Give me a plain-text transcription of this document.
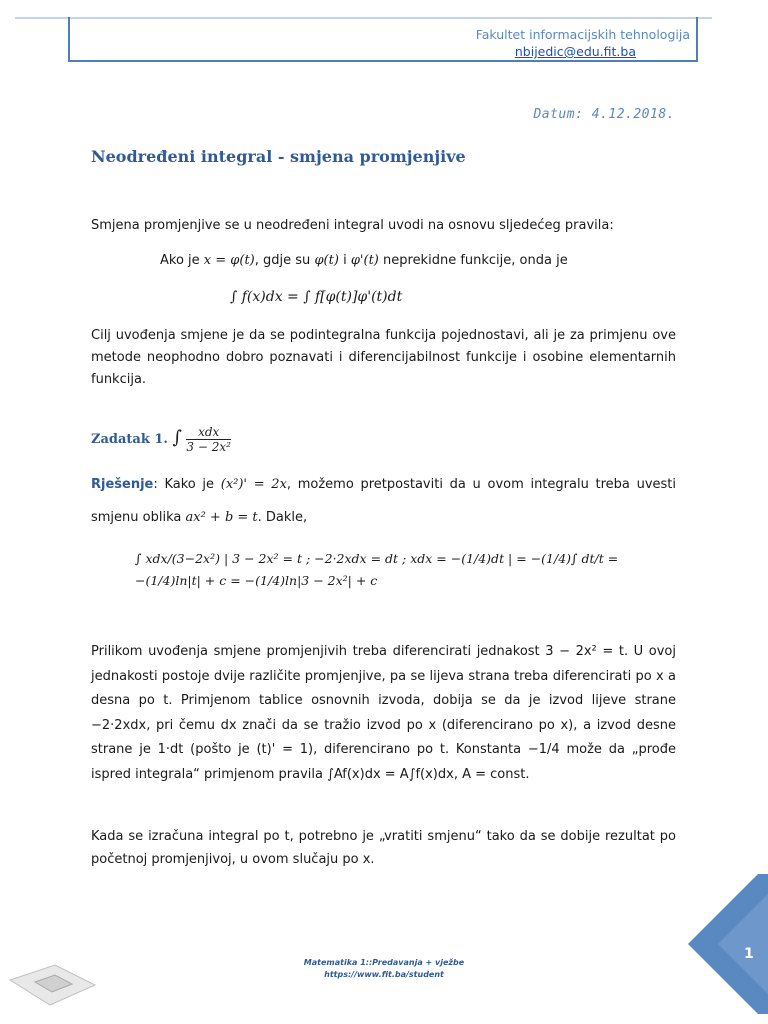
Fakultet informacijskih tehnologija
nbijedic@edu.fit.ba
Datum: 4.12.2018.
Neodređeni integral - smjena promjenjive
Smjena promjenjive se u neodređeni integral uvodi na osnovu sljedećeg pravila:
Ako je x = φ(t), gdje su φ(t) i φ'(t) neprekidne funkcije, onda je
∫ f(x)dx = ∫ f[φ(t)]φ'(t)dt
Cilj uvođenja smjene je da se podintegralna funkcija pojednostavi, ali je za primjenu ove metode neophodno dobro poznavati i diferencijabilnost funkcije i osobine elementarnih funkcija.
Zadatak 1. ∫ $\frac{\text{xdx}}{\text{3 − 2x²}}$
Rješenje: Kako je (x²)' = 2x, možemo pretpostaviti da u ovom integralu treba uvesti smjenu oblika ax² + b = t. Dakle,
∫ xdx/(3−2x²) | 3 − 2x² = t ; −2·2xdx = dt ; xdx = −(1/4)dt | = −(1/4)∫ dt/t = −(1/4)ln|t| + c = −(1/4)ln|3 − 2x²| + c
Prilikom uvođenja smjene promjenjivih treba diferencirati jednakost 3 − 2x² = t. U ovoj jednakosti postoje dvije različite promjenjive, pa se lijeva strana treba diferencirati po x a desna po t. Primjenom tablice osnovnih izvoda, dobija se da je izvod lijeve strane −2·2xdx, pri čemu dx znači da se tražio izvod po x (diferencirano po x), a izvod desne strane je 1·dt (pošto je (t)' = 1), diferencirano po t. Konstanta −1/4 može da „prođe ispred integrala“ primjenom pravila ∫Af(x)dx = A∫f(x)dx, A = const.
Kada se izračuna integral po t, potrebno je „vratiti smjenu“ tako da se dobije rezultat po početnoj promjenjivoj, u ovom slučaju po x.
Matematika 1::Predavanja + vježbe
https://www.fit.ba/student
1
